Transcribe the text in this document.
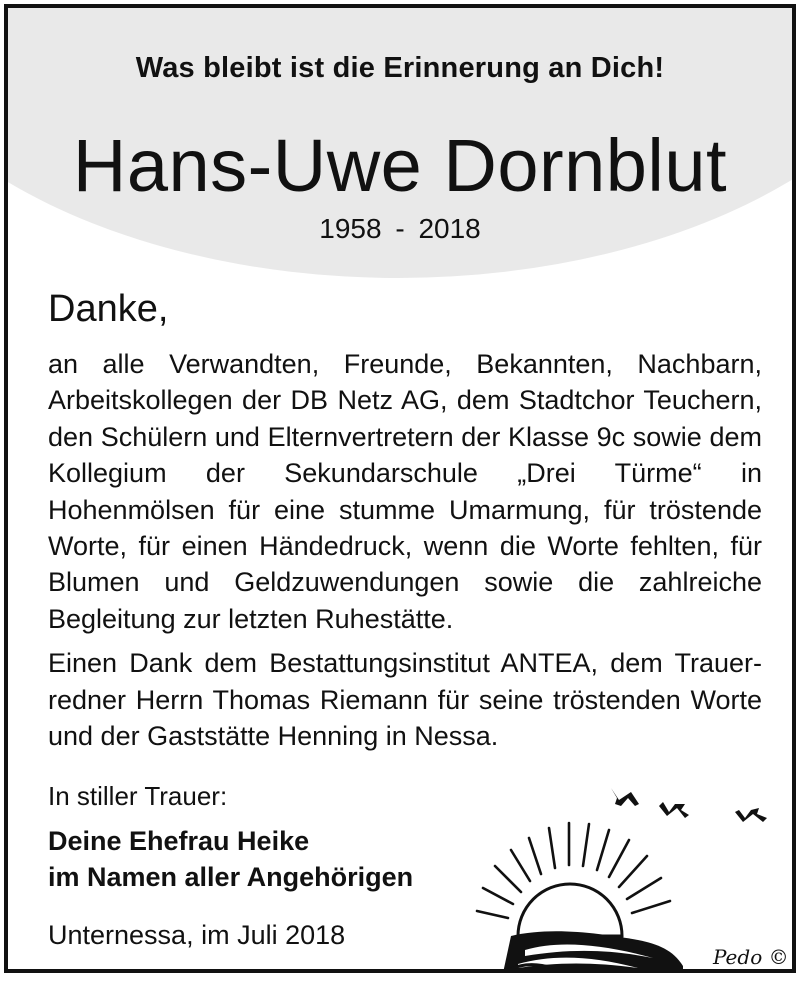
Was bleibt ist die Erinnerung an Dich!
Hans-Uwe Dornblut
1958 - 2018
Danke,

an alle Verwandten, Freunde, Bekannten, Nachbarn, Arbeitskollegen der DB Netz AG, dem Stadtchor Teuchern, den Schülern und Elternvertretern der Klasse 9c sowie dem Kollegium der Sekundarschule „Drei Türme“ in Hohenmölsen für eine stumme Umarmung, für tröstende Worte, für einen Händedruck, wenn die Worte fehlten, für Blumen und Geldzuwendungen sowie die zahlreiche Begleitung zur letzten Ruhestätte.

Einen Dank dem Bestattungsinstitut ANTEA, dem Trauer-redner Herrn Thomas Riemann für seine tröstenden Worte und der Gaststätte Henning in Nessa.

In stiller Trauer:
Deine Ehefrau Heike
im Namen aller Angehörigen
Unternessa, im Juli 2018
Pedo ©
